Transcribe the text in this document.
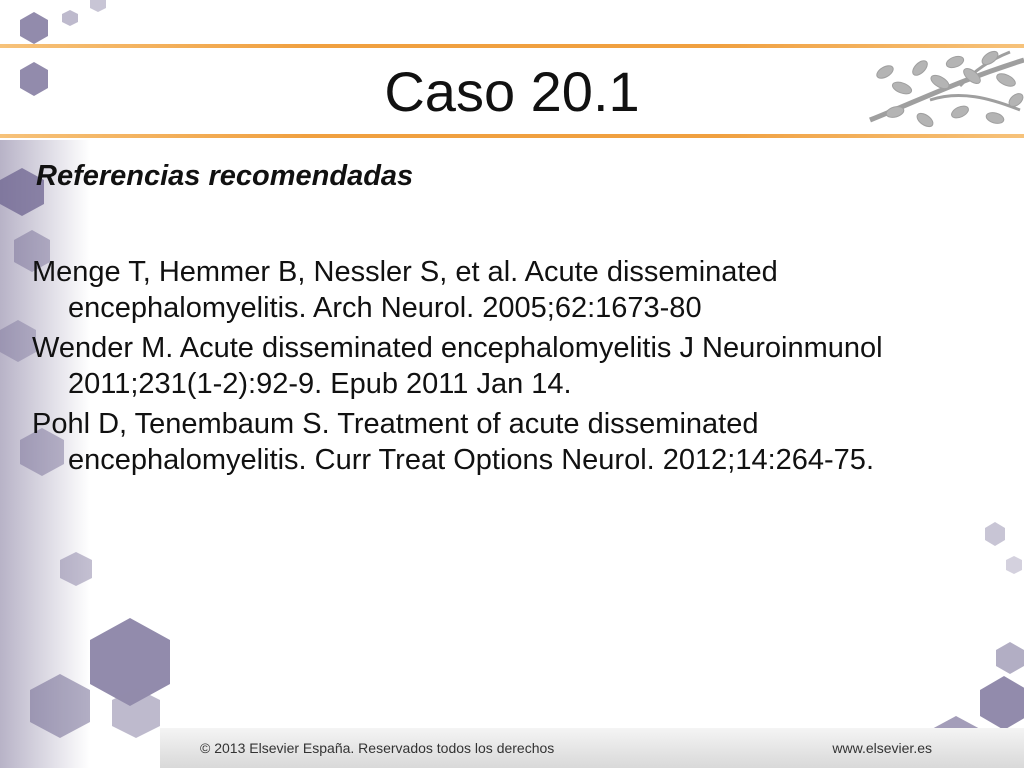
Caso 20.1
Referencias recomendadas

Menge T, Hemmer B, Nessler S, et al. Acute disseminated encephalomyelitis. Arch Neurol. 2005;62:1673-80

Wender M. Acute disseminated encephalomyelitis J Neuroinmunol 2011;231(1-2):92-9. Epub 2011 Jan 14.

Pohl D, Tenembaum S. Treatment of acute disseminated encephalomyelitis. Curr Treat Options Neurol. 2012;14:264-75.

© 2013 Elsevier España. Reservados todos los derechos	www.elsevier.es
